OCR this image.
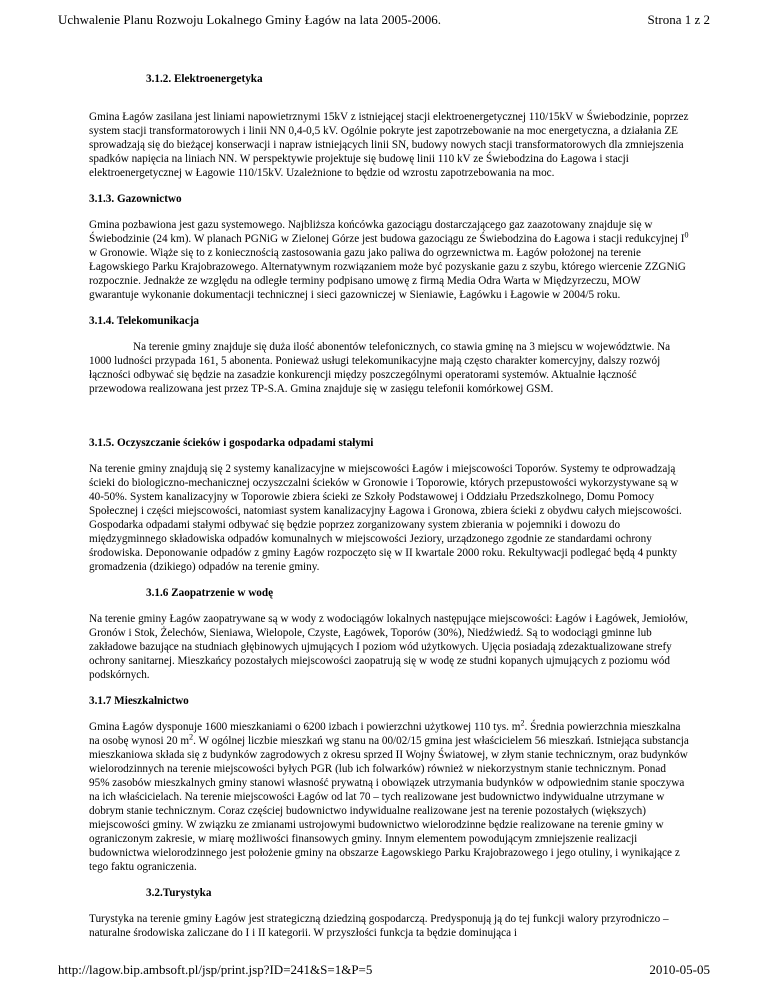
Uchwalenie Planu Rozwoju Lokalnego Gminy Łagów na lata 2005-2006.	Strona 1 z 2
3.1.2. Elektroenergetyka

Gmina Łagów zasilana jest liniami napowietrznymi 15kV z istniejącej stacji elektroenergetycznej 110/15kV w Świebodzinie, poprzez system stacji transformatorowych i linii NN 0,4-0,5 kV. Ogólnie pokryte jest zapotrzebowanie na moc energetyczna, a działania ZE sprowadzają się do bieżącej konserwacji i napraw istniejących linii SN, budowy nowych stacji transformatorowych dla zmniejszenia spadków napięcia na liniach NN. W perspektywie projektuje się budowę linii 110 kV ze Świebodzina do Łagowa i stacji elektroenergetycznej w Łagowie 110/15kV. Uzależnione to będzie od wzrostu zapotrzebowania na moc.

3.1.3. Gazownictwo

Gmina pozbawiona jest gazu systemowego. Najbliższa końcówka gazociągu dostarczającego gaz zaazotowany znajduje się w Świebodzinie (24 km). W planach PGNiG w Zielonej Górze jest budowa gazociągu ze Świebodzina do Łagowa i stacji redukcyjnej $I^0$ w Gronowie. Wiąże się to z koniecznością zastosowania gazu jako paliwa do ogrzewnictwa m. Łagów położonej na terenie Łagowskiego Parku Krajobrazowego. Alternatywnym rozwiązaniem może być pozyskanie gazu z szybu, którego wiercenie ZZGNiG rozpocznie. Jednakże ze względu na odległe terminy podpisano umowę z firmą Media Odra Warta w Międzyrzeczu, MOW gwarantuje wykonanie dokumentacji technicznej i sieci gazowniczej w Sieniawie, Łagówku i Łagowie w 2004/5 roku.

3.1.4. Telekomunikacja

Na terenie gminy znajduje się duża ilość abonentów telefonicznych, co stawia gminę na 3 miejscu w województwie. Na 1000 ludności przypada 161, 5 abonenta. Ponieważ usługi telekomunikacyjne mają często charakter komercyjny, dalszy rozwój łączności odbywać się będzie na zasadzie konkurencji między poszczególnymi operatorami systemów. Aktualnie łączność przewodowa realizowana jest przez TP-S.A. Gmina znajduje się w zasięgu telefonii komórkowej GSM.

3.1.5. Oczyszczanie ścieków i gospodarka odpadami stałymi

Na terenie gminy znajdują się 2 systemy kanalizacyjne w miejscowości Łagów i miejscowości Toporów. Systemy te odprowadzają ścieki do biologiczno-mechanicznej oczyszczalni ścieków w Gronowie i Toporowie, których przepustowości wykorzystywane są w 40-50%. System kanalizacyjny w Toporowie zbiera ścieki ze Szkoły Podstawowej i Oddziału Przedszkolnego, Domu Pomocy Społecznej i części miejscowości, natomiast system kanalizacyjny Łagowa i Gronowa, zbiera ścieki z obydwu całych miejscowości. Gospodarka odpadami stałymi odbywać się będzie poprzez zorganizowany system zbierania w pojemniki i dowozu do międzygminnego składowiska odpadów komunalnych w miejscowości Jeziory, urządzonego zgodnie ze standardami ochrony środowiska. Deponowanie odpadów z gminy Łagów rozpoczęto się w II kwartale 2000 roku. Rekultywacji podlegać będą 4 punkty gromadzenia (dzikiego) odpadów na terenie gminy.

3.1.6 Zaopatrzenie w wodę

Na terenie gminy Łagów zaopatrywane są w wody z wodociągów lokalnych następujące miejscowości: Łagów i Łagówek, Jemiołów, Gronów i Stok, Żelechów, Sieniawa, Wielopole, Czyste, Łagówek, Toporów (30%), Niedźwiedź. Są to wodociągi gminne lub zakładowe bazujące na studniach głębinowych ujmujących I poziom wód użytkowych. Ujęcia posiadają zdezaktualizowane strefy ochrony sanitarnej. Mieszkańcy pozostałych miejscowości zaopatrują się w wodę ze studni kopanych ujmujących z poziomu wód podskórnych.

3.1.7 Mieszkalnictwo

Gmina Łagów dysponuje 1600 mieszkaniami o 6200 izbach i powierzchni użytkowej 110 tys. $m^2$. Średnia powierzchnia mieszkalna na osobę wynosi 20 $m^2$. W ogólnej liczbie mieszkań wg stanu na 00/02/15 gmina jest właścicielem 56 mieszkań. Istniejąca substancja mieszkaniowa składa się z budynków zagrodowych z okresu sprzed II Wojny Światowej, w złym stanie technicznym, oraz budynków wielorodzinnych na terenie miejscowości byłych PGR (lub ich folwarków) również w niekorzystnym stanie technicznym. Ponad 95% zasobów mieszkalnych gminy stanowi własność prywatną i obowiązek utrzymania budynków w odpowiednim stanie spoczywa na ich właścicielach. Na terenie miejscowości Łagów od lat 70 – tych realizowane jest budownictwo indywidualne utrzymane w dobrym stanie technicznym. Coraz częściej budownictwo indywidualne realizowane jest na terenie pozostałych (większych) miejscowości gminy. W związku ze zmianami ustrojowymi budownictwo wielorodzinne będzie realizowane na terenie gminy w ograniczonym zakresie, w miarę możliwości finansowych gminy. Innym elementem powodującym zmniejszenie realizacji budownictwa wielorodzinnego jest położenie gminy na obszarze Łagowskiego Parku Krajobrazowego i jego otuliny, i wynikające z tego faktu ograniczenia.

3.2.Turystyka

Turystyka na terenie gminy Łagów jest strategiczną dziedziną gospodarczą. Predysponują ją do tej funkcji walory przyrodniczo – naturalne środowiska zaliczane do I i II kategorii. W przyszłości funkcja ta będzie dominująca i

http://lagow.bip.ambsoft.pl/jsp/print.jsp?ID=241&S=1&P=5	2010-05-05
